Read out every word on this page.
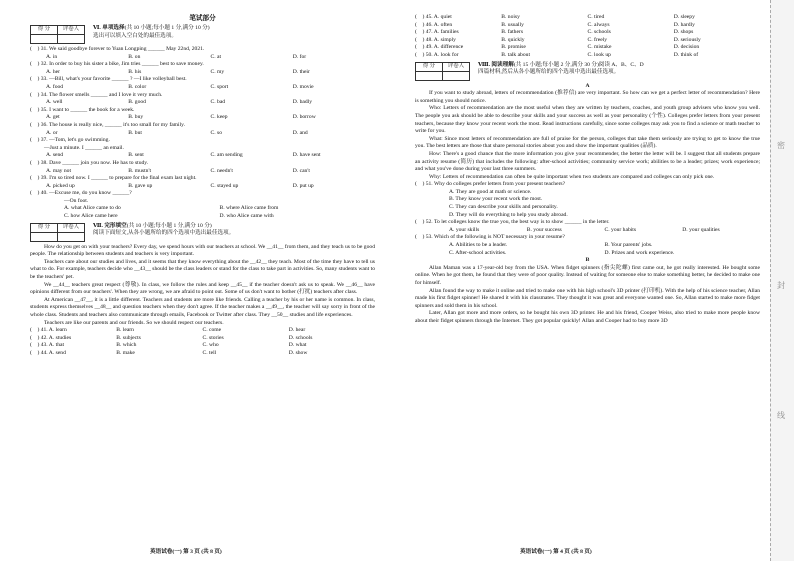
密
封
线
笔试部分
得 分	评卷人
	Ⅵ. 单项选择(共 10 小题;每小题 1 分,满分 10 分)
选出可以填入空白处的最佳选项。
(    ) 31. We said goodbye forever to Yuan Longping ______ May 22nd, 2021.
A. in	B. on	C. at	D. for
(    ) 32. In order to buy his sister a bike, Jim tries ______ best to save money.
A. her	B. his	C. my	D. their
(    ) 33. —Bill, what's your favorite ______ ? —I like volleyball best.
A. food	B. color	C. sport	D. movie
(    ) 34. The flower smells ______ and I love it very much.
A. well	B. good	C. bad	D. badly
(    ) 35. I want to ______ the book for a week.
A. get	B. buy	C. keep	D. borrow
(    ) 36. The house is really nice, ______ it's too small for my family.
A. or	B. but	C. so	D. and
(    ) 37. —Tom, let's go swimming.
—Just a minute. I ______ an email.
A. send	B. sent	C. am sending	D. have sent
(    ) 38. Dave ______ join you now. He has to study.
A. may not	B. mustn't	C. needn't	D. can't
(    ) 39. I'm so tired now. I ______ to prepare for the final exam last night.
A. picked up	B. gave up	C. stayed up	D. put up
(    ) 40. —Excuse me, do you know ______?
—On foot.
A. what Alice came to do	B. where Alice came from
C. how Alice came here	D. who Alice came with
得 分	评卷人
	Ⅶ. 完形填空(共 10 小题;每小题 1 分,满分 10 分)
阅读下面短文,从各小题所给的四个选项中选出最佳选项。

How do you get on with your teachers? Every day, we spend hours with our teachers at school. We __41__ from them, and they teach us to be good people. The relationship between students and teachers is very important.

Teachers care about our studies and lives, and it seems that they know everything about the __42__ they teach. Most of the time they have to tell us what to do. For example, teachers decide who __43__ should be the class leaders or stand for the class to take part in activities. So, many students want to be the teachers' pet.

We __44__ teachers great respect (尊敬). In class, we follow the rules and keep __45__ if the teacher doesn't ask us to speak. We __46__ have opinions different from our teachers'. When they are wrong, we are afraid to point out. Some of us don't want to bother (打扰) teachers after class.

At American __47__, it is a little different. Teachers and students are more like friends. Calling a teacher by his or her name is common. In class, students express themselves __48__ and question teachers when they don't agree. If the teacher makes a __49__, the teacher will say sorry in front of the whole class. Students and teachers also communicate through emails, Facebook or Twitter after class. They __50__ studies and life experiences.

Teachers are like our parents and our friends. So we should respect our teachers.

(    ) 41. A. learn	B. learn	C. come	D. hear
(    ) 42. A. studies	B. subjects	C. stories	D. schools
(    ) 43. A. that	B. which	C. who	D. what
(    ) 44. A. send	B. make	C. tell	D. show
(    ) 45. A. quiet	B. noisy	C. tired	D. sleepy
(    ) 46. A. often	B. usually	C. always	D. hardly
(    ) 47. A. families	B. fathers	C. schools	D. shops
(    ) 48. A. simply	B. quickly	C. freely	D. seriously
(    ) 49. A. difference	B. promise	C. mistake	D. decision
(    ) 50. A. look for	B. talk about	C. look up	D. think of
得 分	评卷人
	Ⅷ. 阅读理解(共 15 小题;每小题 2 分,满分 30 分)阅读 A、B、C、D
四篇材料,然后从各小题所给的四个选项中选出最佳选项。
A

If you want to study abroad, letters of recommendation (推荐信) are very important. So how can we get a perfect letter of recommendation? Here is something you should notice.

Who: Letters of recommendation are the most useful when they are written by teachers, coaches, and youth group advisers who know you well. The people you ask should be able to describe your skills and your success as well as your personality (个性). Colleges prefer letters from your present teachers, because they know your recent work the most. Read instructions carefully, since some colleges may ask you to find a science or math teacher to write for you.

What: Since most letters of recommendation are full of praise for the person, colleges that take them seriously are trying to get to know the true you. The best letters are those that share personal stories about you and show the important qualities (品质).

How: There's a good chance that the more information you give your recommender, the better the letter will be. I suggest that all students prepare an activity resume (简历) that includes the following: after-school activities; community service work; abilities to be a leader; prizes; work experience; and what you've done during your last three summers.

Why: Letters of recommendation can often be quite important when two students are compared and colleges can only pick one.

(    ) 51. Why do colleges prefer letters from your present teachers?
A. They are good at math or science.
B. They know your recent work the most.
C. They can describe your skills and personality.
D. They will do everything to help you study abroad.
(    ) 52. To let colleges know the true you, the best way is to show ______ in the letter.
A. your skills	B. your success	C. your habits	D. your qualities
(    ) 53. Which of the following is NOT necessary in your resume?
A. Abilities to be a leader.	B. Your parents' jobs.
C. After-school activities.	D. Prizes and work experience.
B

Allan Maman was a 17-year-old boy from the USA. When fidget spinners (指尖陀螺) first came out, he got really interested. He bought some online. When he got them, he found that they were of poor quality. Instead of waiting for someone else to make something better, he decided to make one for himself.

Allan found the way to make it online and tried to make one with his high school's 3D printer (打印机). With the help of his science teacher, Allan made his first fidget spinner! He shared it with his classmates. They thought it was great and everyone wanted one. So, Allan started to make more fidget spinners and sold them in his school.

Later, Allan got more and more orders, so he bought his own 3D printer. He and his friend, Cooper Weiss, also tried to make more people know about their fidget spinners through the Internet. They got popular quickly! Allan and Cooper had to buy more 3D

英语试卷(一) 第 3 页 (共 8 页)	英语试卷(一) 第 4 页 (共 8 页)
